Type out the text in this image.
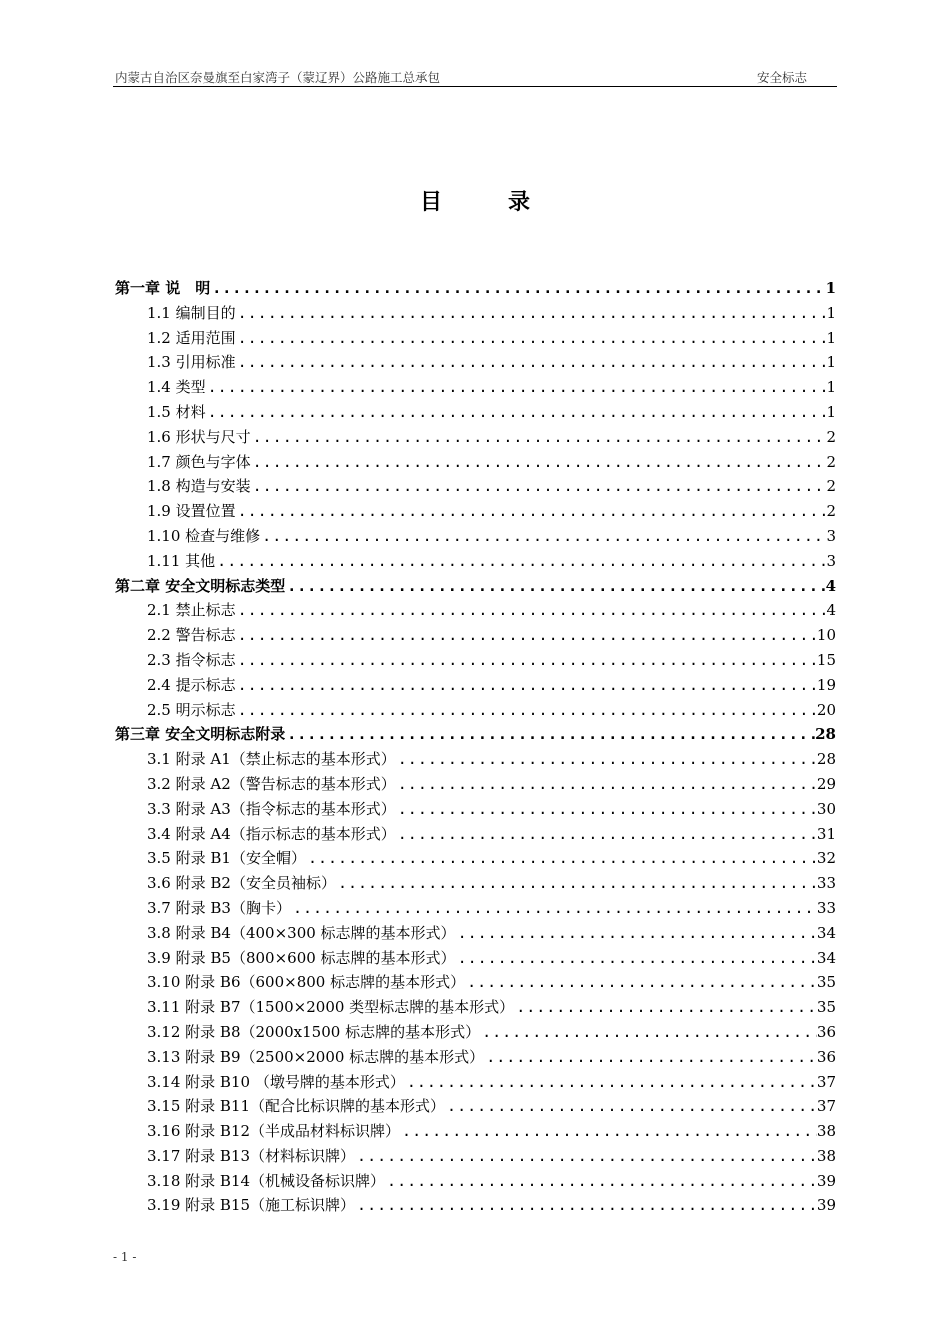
内蒙古自治区奈曼旗至白家湾子（蒙辽界）公路施工总承包	安全标志
目　录
第一章 说　明 .....	1
1.1 编制目的 .....	1
1.2 适用范围 .....	1
1.3 引用标准 .....	1
1.4 类型 .....	1
1.5 材料 .....	1
1.6 形状与尺寸 .....	2
1.7 颜色与字体 .....	2
1.8 构造与安装 .....	2
1.9 设置位置 .....	2
1.10 检查与维修 .....	3
1.11 其他 .....	3
第二章 安全文明标志类型 .....	4
2.1 禁止标志 .....	4
2.2 警告标志 .....	10
2.3 指令标志 .....	15
2.4 提示标志 .....	19
2.5 明示标志 .....	20
第三章 安全文明标志附录 .....	28
3.1 附录 A1（禁止标志的基本形式） .....	28
3.2 附录 A2（警告标志的基本形式） .....	29
3.3 附录 A3（指令标志的基本形式） .....	30
3.4 附录 A4（指示标志的基本形式） .....	31
3.5 附录 B1（安全帽） .....	32
3.6 附录 B2（安全员袖标） .....	33
3.7 附录 B3（胸卡） .....	33
3.8 附录 B4（400×300 标志牌的基本形式） .....	34
3.9 附录 B5（800×600 标志牌的基本形式） .....	34
3.10 附录 B6（600×800 标志牌的基本形式） .....	35
3.11 附录 B7（1500×2000 类型标志牌的基本形式） .....	35
3.12 附录 B8（2000x1500 标志牌的基本形式） .....	36
3.13 附录 B9（2500×2000 标志牌的基本形式） .....	36
3.14 附录 B10 （墩号牌的基本形式） .....	37
3.15 附录 B11（配合比标识牌的基本形式） .....	37
3.16 附录 B12（半成品材料标识牌） .....	38
3.17 附录 B13（材料标识牌） .....	38
3.18 附录 B14（机械设备标识牌） .....	39
3.19 附录 B15（施工标识牌） .....	39
- 1 -
